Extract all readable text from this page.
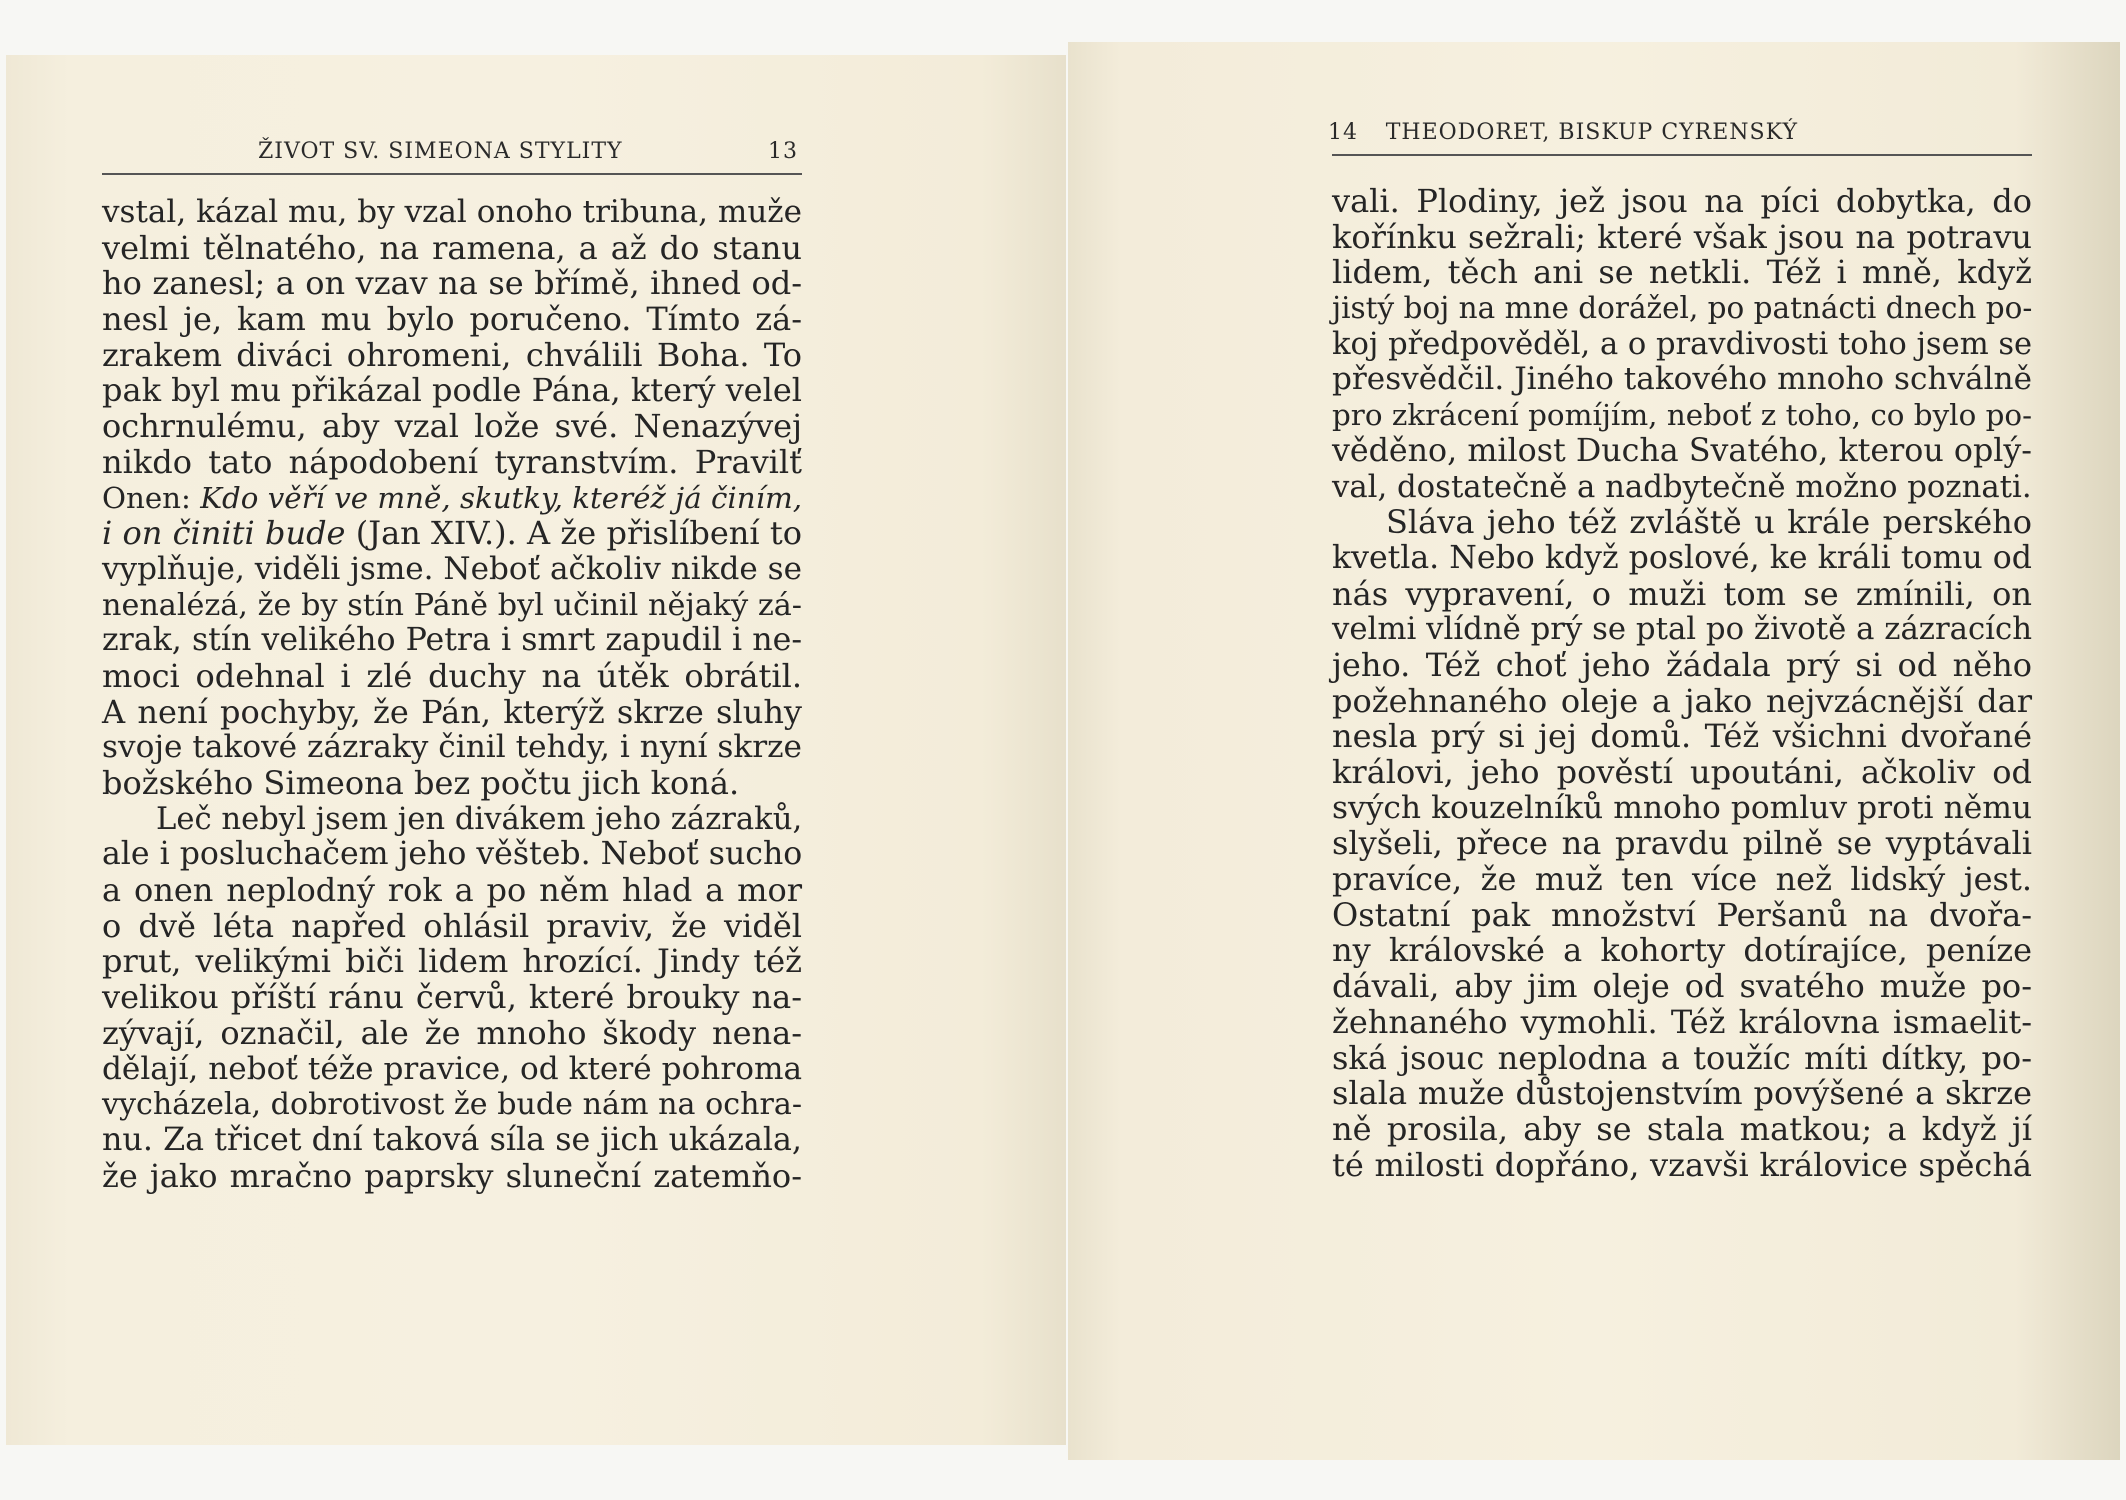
ŽIVOT SV. SIMEONA STYLITY	13
vstal, kázal mu, by vzal onoho tribuna, muže
velmi tělnatého, na ramena, a až do stanu
ho zanesl; a on vzav na se břímě, ihned od-
nesl je, kam mu bylo poručeno. Tímto zá-
zrakem diváci ohromeni, chválili Boha. To
pak byl mu přikázal podle Pána, který velel
ochrnulému, aby vzal lože své. Nenazývej
nikdo tato nápodobení tyranstvím. Pravilť
Onen: Kdo věří ve mně, skutky, kteréž já činím,
i on činiti bude (Jan XIV.). A že přislíbení to
vyplňuje, viděli jsme. Neboť ačkoliv nikde se
nenalézá, že by stín Páně byl učinil nějaký zá-
zrak, stín velikého Petra i smrt zapudil i ne-
moci odehnal i zlé duchy na útěk obrátil.
A není pochyby, že Pán, kterýž skrze sluhy
svoje takové zázraky činil tehdy, i nyní skrze
božského Simeona bez počtu jich koná.
Leč nebyl jsem jen divákem jeho zázraků,
ale i posluchačem jeho věšteb. Neboť sucho
a onen neplodný rok a po něm hlad a mor
o dvě léta napřed ohlásil praviv, že viděl
prut, velikými biči lidem hrozící. Jindy též
velikou příští ránu červů, které brouky na-
zývají, označil, ale že mnoho škody nena-
dělají, neboť téže pravice, od které pohroma
vycházela, dobrotivost že bude nám na ochra-
nu. Za třicet dní taková síla se jich ukázala,
že jako mračno paprsky sluneční zatemňo-
14 THEODORET, BISKUP CYRENSKÝ
vali. Plodiny, jež jsou na píci dobytka, do
kořínku sežrali; které však jsou na potravu
lidem, těch ani se netkli. Též i mně, když
jistý boj na mne dorážel, po patnácti dnech po-
koj předpověděl, a o pravdivosti toho jsem se
přesvědčil. Jiného takového mnoho schválně
pro zkrácení pomíjím, neboť z toho, co bylo po-
věděno, milost Ducha Svatého, kterou oplý-
val, dostatečně a nadbytečně možno poznati.
Sláva jeho též zvláště u krále perského
kvetla. Nebo když poslové, ke králi tomu od
nás vypravení, o muži tom se zmínili, on
velmi vlídně prý se ptal po životě a zázracích
jeho. Též choť jeho žádala prý si od něho
požehnaného oleje a jako nejvzácnější dar
nesla prý si jej domů. Též všichni dvořané
královi, jeho pověstí upoutáni, ačkoliv od
svých kouzelníků mnoho pomluv proti němu
slyšeli, přece na pravdu pilně se vyptávali
pravíce, že muž ten více než lidský jest.
Ostatní pak množství Peršanů na dvořa-
ny královské a kohorty dotírajíce, peníze
dávali, aby jim oleje od svatého muže po-
žehnaného vymohli. Též královna ismaelit-
ská jsouc neplodna a toužíc míti dítky, po-
slala muže důstojenstvím povýšené a skrze
ně prosila, aby se stala matkou; a když jí
té milosti dopřáno, vzavši královice spěchá
